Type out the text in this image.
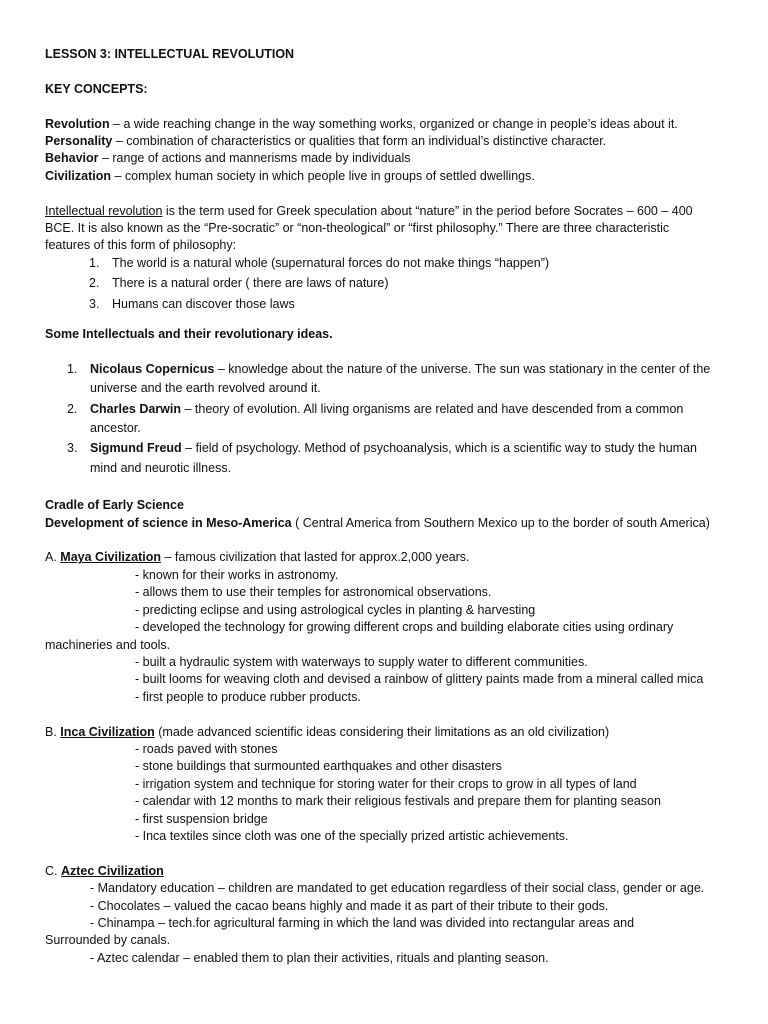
LESSON 3: INTELLECTUAL REVOLUTION
KEY CONCEPTS:
Revolution – a wide reaching change in the way something works, organized or change in people’s ideas about it.
Personality – combination of characteristics or qualities that form an individual’s distinctive character.
Behavior – range of actions and mannerisms made by individuals
Civilization – complex human society in which people live in groups of settled dwellings.
Intellectual revolution is the term used for Greek speculation about “nature” in the period before Socrates – 600 – 400
BCE. It is also known as the “Pre-socratic” or “non-theological” or “first philosophy.” There are three characteristic
features of this form of philosophy:
1. The world is a natural whole (supernatural forces do not make things “happen”)
2. There is a natural order ( there are laws of nature)
3. Humans can discover those laws
Some Intellectuals and their revolutionary ideas.
1. Nicolaus Copernicus – knowledge about the nature of the universe. The sun was stationary in the center of the
universe and the earth revolved around it.
2. Charles Darwin – theory of evolution. All living organisms are related and have descended from a common
ancestor.
3. Sigmund Freud – field of psychology. Method of psychoanalysis, which is a scientific way to study the human
mind and neurotic illness.
Cradle of Early Science
Development of science in Meso-America ( Central America from Southern Mexico up to the border of south America)
A. Maya Civilization – famous civilization that lasted for approx.2,000 years.
- known for their works in astronomy.
- allows them to use their temples for astronomical observations.
- predicting eclipse and using astrological cycles in planting & harvesting
- developed the technology for growing different crops and building elaborate cities using ordinary
machineries and tools.
- built a hydraulic system with waterways to supply water to different communities.
- built looms for weaving cloth and devised a rainbow of glittery paints made from a mineral called mica
- first people to produce rubber products.
B. Inca Civilization (made advanced scientific ideas considering their limitations as an old civilization)
- roads paved with stones
- stone buildings that surmounted earthquakes and other disasters
- irrigation system and technique for storing water for their crops to grow in all types of land
- calendar with 12 months to mark their religious festivals and prepare them for planting season
- first suspension bridge
- Inca textiles since cloth was one of the specially prized artistic achievements.
C. Aztec Civilization
- Mandatory education – children are mandated to get education regardless of their social class, gender or age.
- Chocolates – valued the cacao beans highly and made it as part of their tribute to their gods.
- Chinampa – tech.for agricultural farming in which the land was divided into rectangular areas and
Surrounded by canals.
- Aztec calendar – enabled them to plan their activities, rituals and planting season.
